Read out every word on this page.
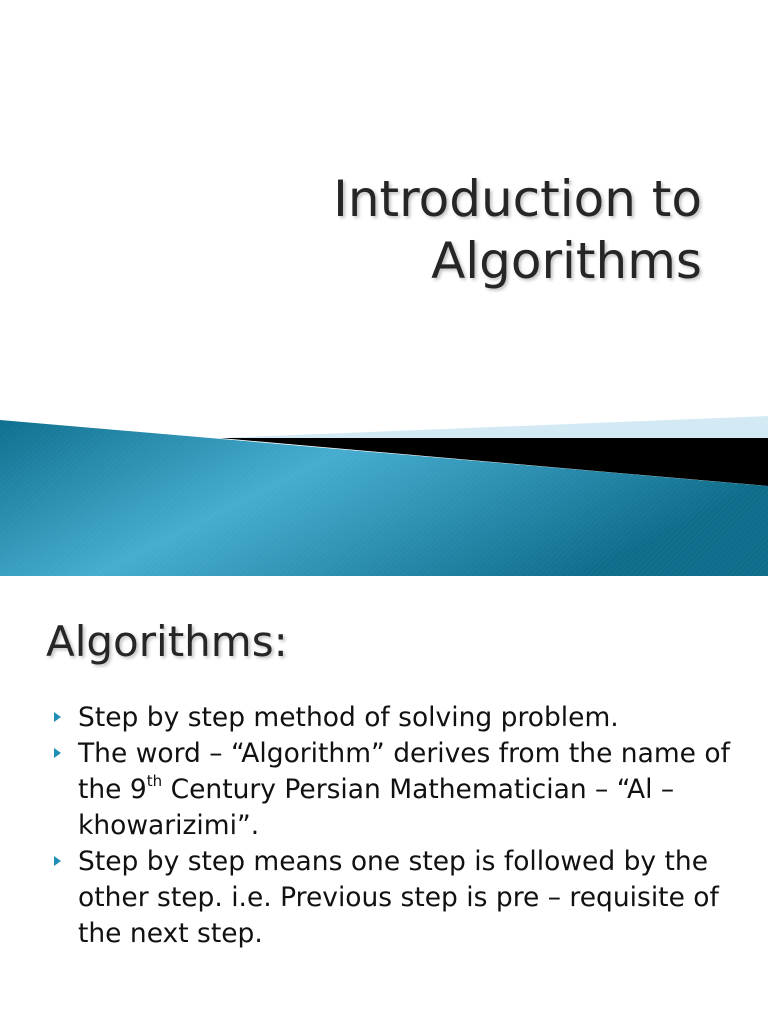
Introduction to
Algorithms
Algorithms:
Step by step method of solving problem.
The word – “Algorithm” derives from the name of the 9th Century Persian Mathematician – “Al – khowarizimi”.
Step by step means one step is followed by the other step. i.e. Previous step is pre – requisite of the next step.
